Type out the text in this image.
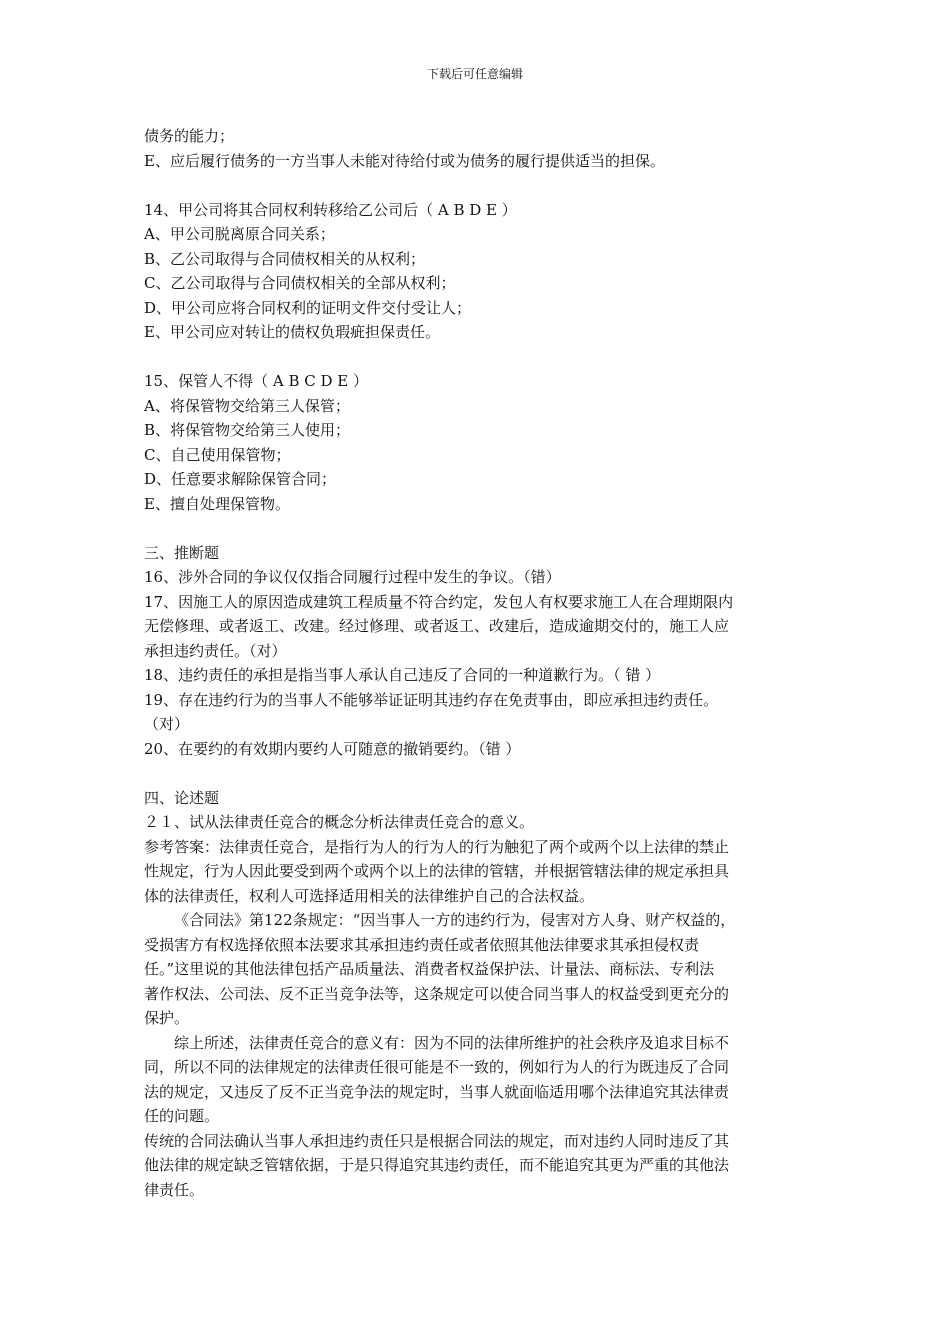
下载后可任意编辑
债务的能力；
E、应后履行债务的一方当事人未能对待给付或为债务的履行提供适当的担保。
14、甲公司将其合同权利转移给乙公司后（ A B D E ）
A、甲公司脱离原合同关系；
B、乙公司取得与合同债权相关的从权利；
C、乙公司取得与合同债权相关的全部从权利；
D、甲公司应将合同权利的证明文件交付受让人；
E、甲公司应对转让的债权负瑕疵担保责任。
15、保管人不得（ A B C D E ）
A、将保管物交给第三人保管；
B、将保管物交给第三人使用；
C、自己使用保管物；
D、任意要求解除保管合同；
E、擅自处理保管物。
三、推断题
16、涉外合同的争议仅仅指合同履行过程中发生的争议。（错）
17、因施工人的原因造成建筑工程质量不符合约定，发包人有权要求施工人在合理期限内
无偿修理、或者返工、改建。经过修理、或者返工、改建后，造成逾期交付的，施工人应
承担违约责任。（对）
18、违约责任的承担是指当事人承认自己违反了合同的一种道歉行为。（ 错 ）
19、存在违约行为的当事人不能够举证证明其违约存在免责事由，即应承担违约责任。
（对）
20、在要约的有效期内要约人可随意的撤销要约。（错 ）
四、论述题
２１、试从法律责任竞合的概念分析法律责任竞合的意义。
参考答案：法律责任竞合，是指行为人的行为人的行为触犯了两个或两个以上法律的禁止
性规定，行为人因此要受到两个或两个以上的法律的管辖，并根据管辖法律的规定承担具
体的法律责任，权利人可选择适用相关的法律维护自己的合法权益。
《合同法》第122条规定：“因当事人一方的违约行为，侵害对方人身、财产权益的，
受损害方有权选择依照本法要求其承担违约责任或者依照其他法律要求其承担侵权责
任。”这里说的其他法律包括产品质量法、消费者权益保护法、计量法、商标法、专利法
著作权法、公司法、反不正当竞争法等，这条规定可以使合同当事人的权益受到更充分的
保护。
综上所述，法律责任竞合的意义有：因为不同的法律所维护的社会秩序及追求目标不
同，所以不同的法律规定的法律责任很可能是不一致的，例如行为人的行为既违反了合同
法的规定，又违反了反不正当竞争法的规定时，当事人就面临适用哪个法律追究其法律责
任的问题。
传统的合同法确认当事人承担违约责任只是根据合同法的规定，而对违约人同时违反了其
他法律的规定缺乏管辖依据，于是只得追究其违约责任，而不能追究其更为严重的其他法
律责任。
